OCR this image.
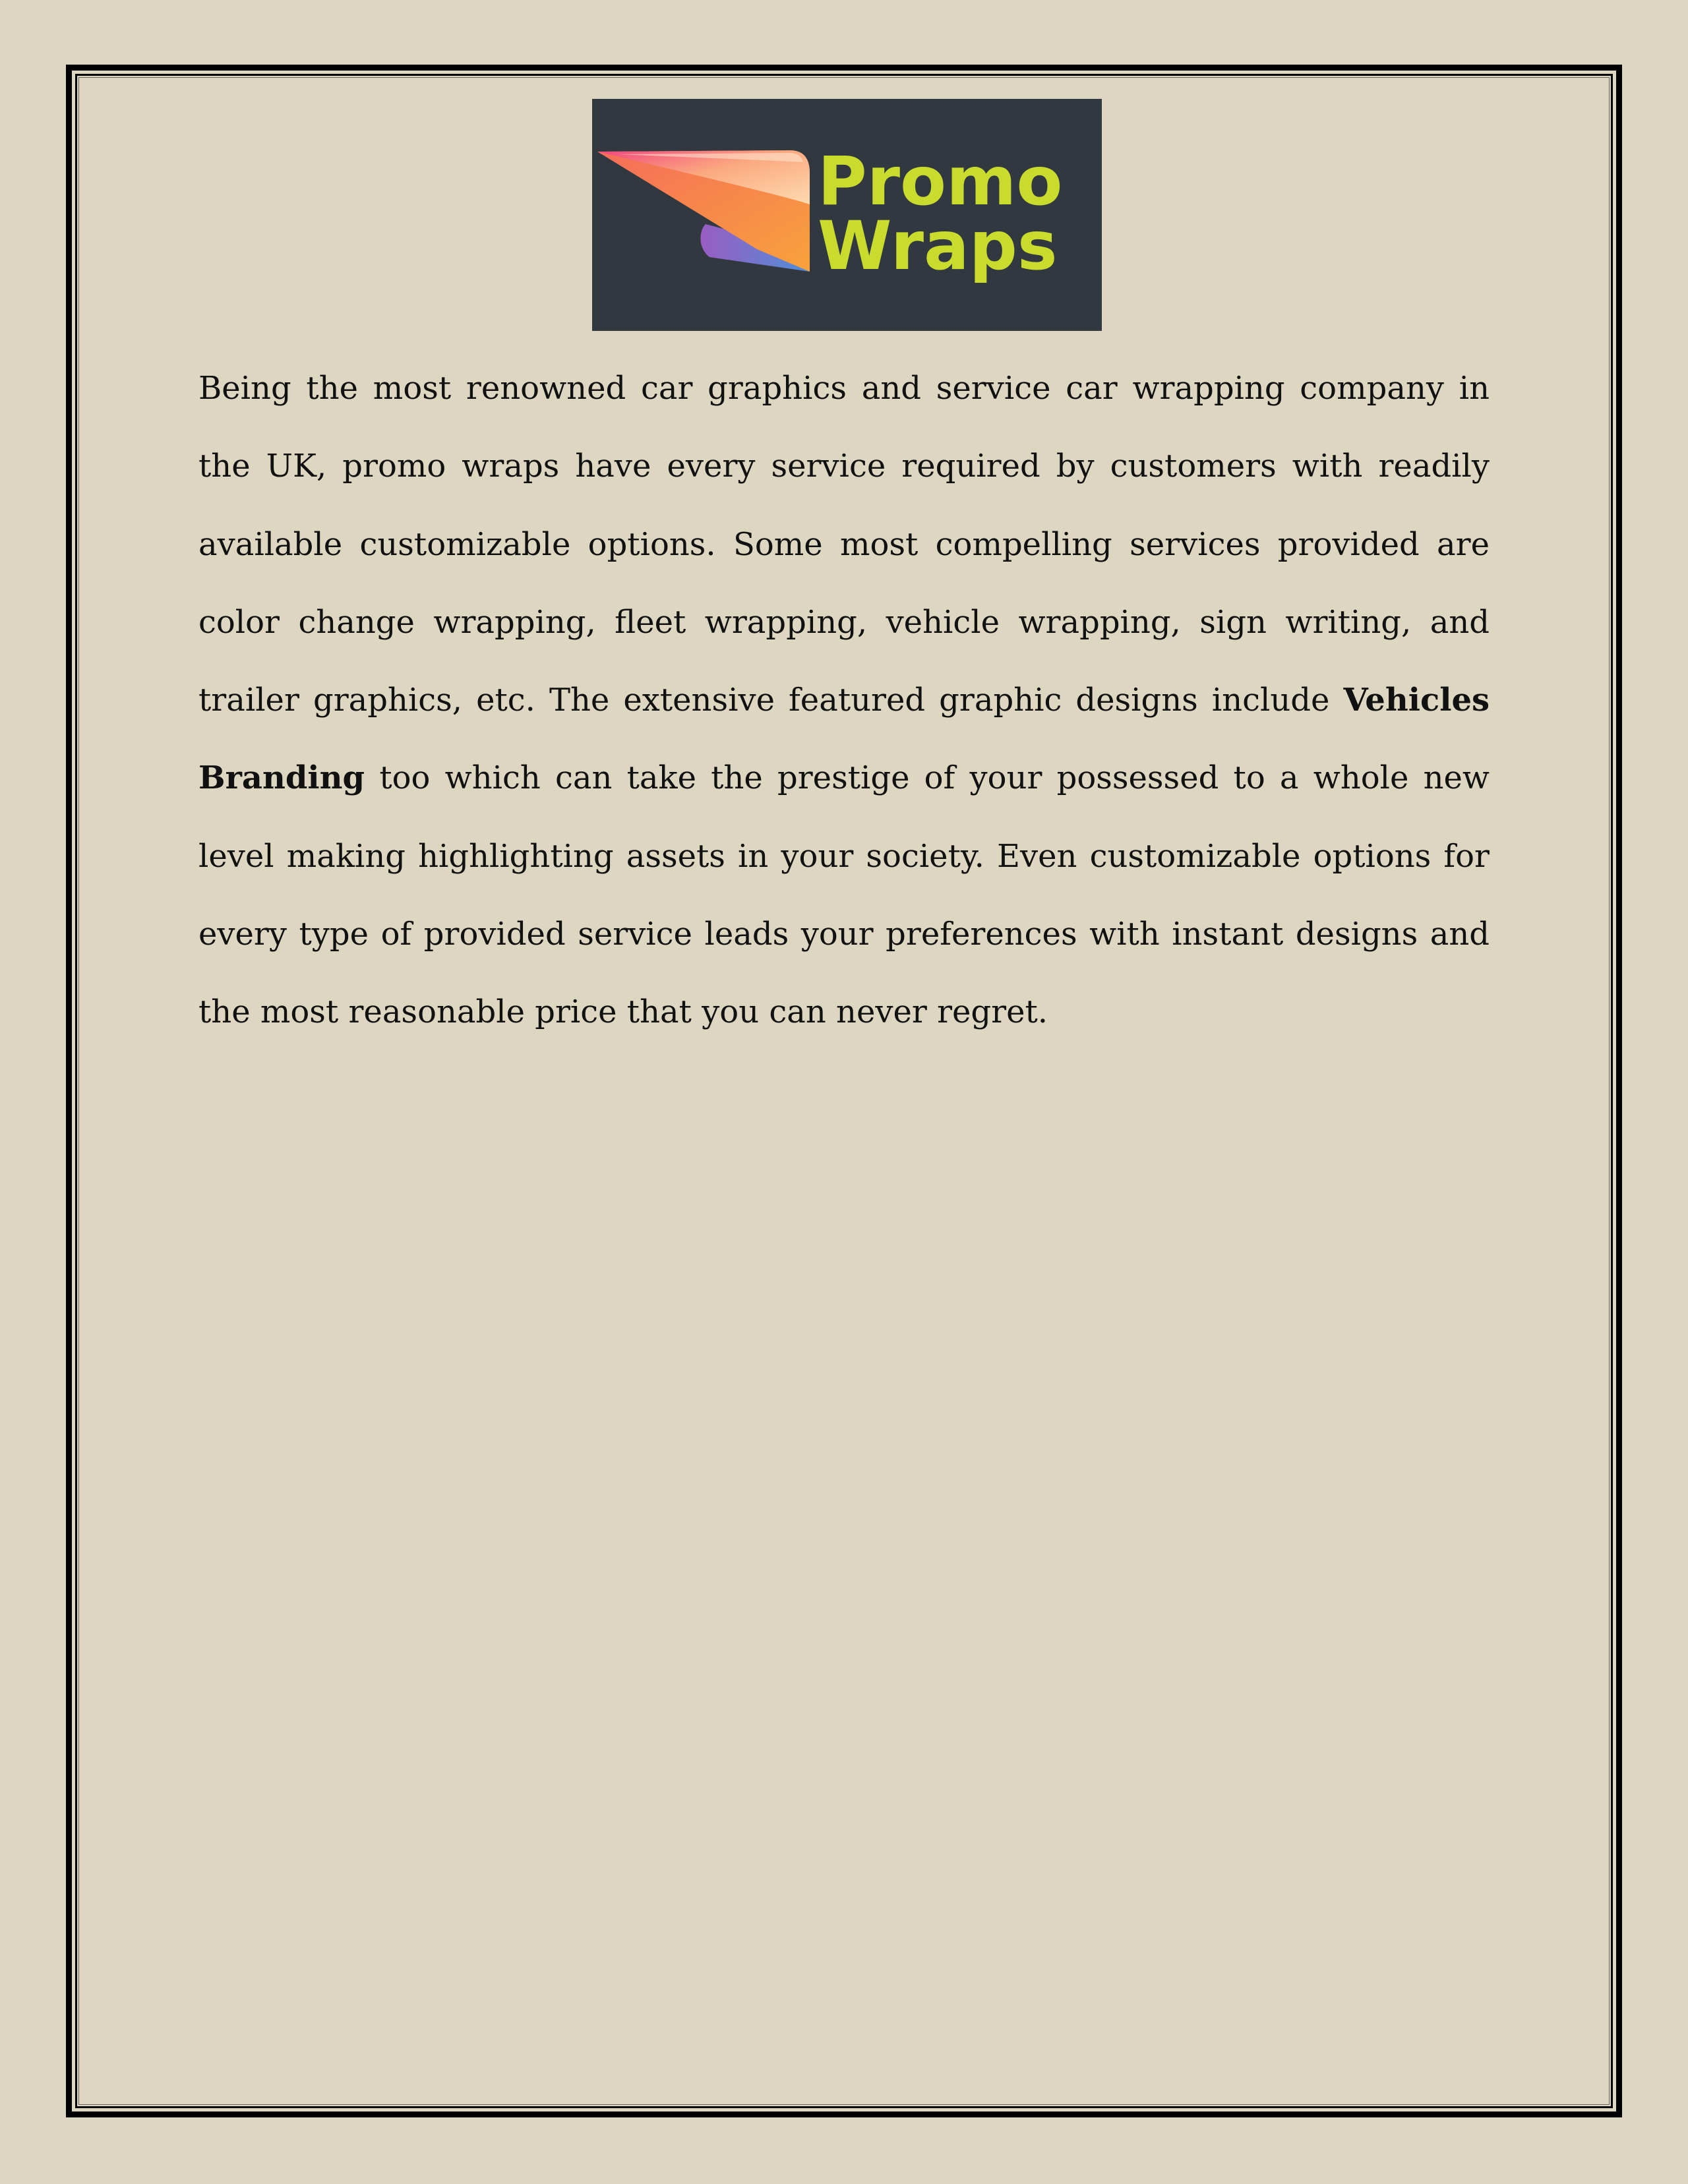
Promo
Wraps

Being the most renowned car graphics and service car wrapping company in the UK, promo wraps have every service required by customers with readily available customizable options. Some most compelling services provided are color change wrapping, fleet wrapping, vehicle wrapping, sign writing, and trailer graphics, etc. The extensive featured graphic designs include Vehicles Branding too which can take the prestige of your possessed to a whole new level making highlighting assets in your society. Even customizable options for every type of provided service leads your preferences with instant designs and the most reasonable price that you can never regret.
